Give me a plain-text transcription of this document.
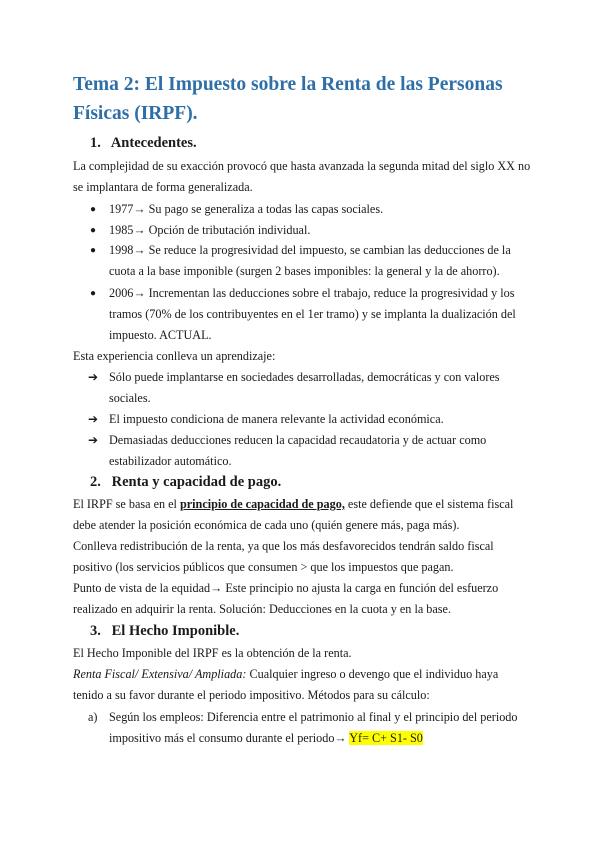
Tema 2: El Impuesto sobre la Renta de las Personas
Físicas (IRPF).
1. Antecedentes.
La complejidad de su exacción provocó que hasta avanzada la segunda mitad del siglo XX no
se implantara de forma generalizada.
● 1977→ Su pago se generaliza a todas las capas sociales.
● 1985→ Opción de tributación individual.
● 1998→ Se reduce la progresividad del impuesto, se cambian las deducciones de la
cuota a la base imponible (surgen 2 bases imponibles: la general y la de ahorro).
● 2006→ Incrementan las deducciones sobre el trabajo, reduce la progresividad y los
tramos (70% de los contribuyentes en el 1er tramo) y se implanta la dualización del
impuesto. ACTUAL.
Esta experiencia conlleva un aprendizaje:
➔ Sólo puede implantarse en sociedades desarrolladas, democráticas y con valores
sociales.
➔ El impuesto condiciona de manera relevante la actividad económica.
➔ Demasiadas deducciones reducen la capacidad recaudatoria y de actuar como
estabilizador automático.
2. Renta y capacidad de pago.
El IRPF se basa en el principio de capacidad de pago, este defiende que el sistema fiscal
debe atender la posición económica de cada uno (quién genere más, paga más).
Conlleva redistribución de la renta, ya que los más desfavorecidos tendrán saldo fiscal
positivo (los servicios públicos que consumen > que los impuestos que pagan.
Punto de vista de la equidad→ Este principio no ajusta la carga en función del esfuerzo
realizado en adquirir la renta. Solución: Deducciones en la cuota y en la base.
3. El Hecho Imponible.
El Hecho Imponible del IRPF es la obtención de la renta.
Renta Fiscal/ Extensiva/ Ampliada: Cualquier ingreso o devengo que el individuo haya
tenido a su favor durante el periodo impositivo. Métodos para su cálculo:
a) Según los empleos: Diferencia entre el patrimonio al final y el principio del periodo
impositivo más el consumo durante el periodo→ Yf= C+ S1- S0
